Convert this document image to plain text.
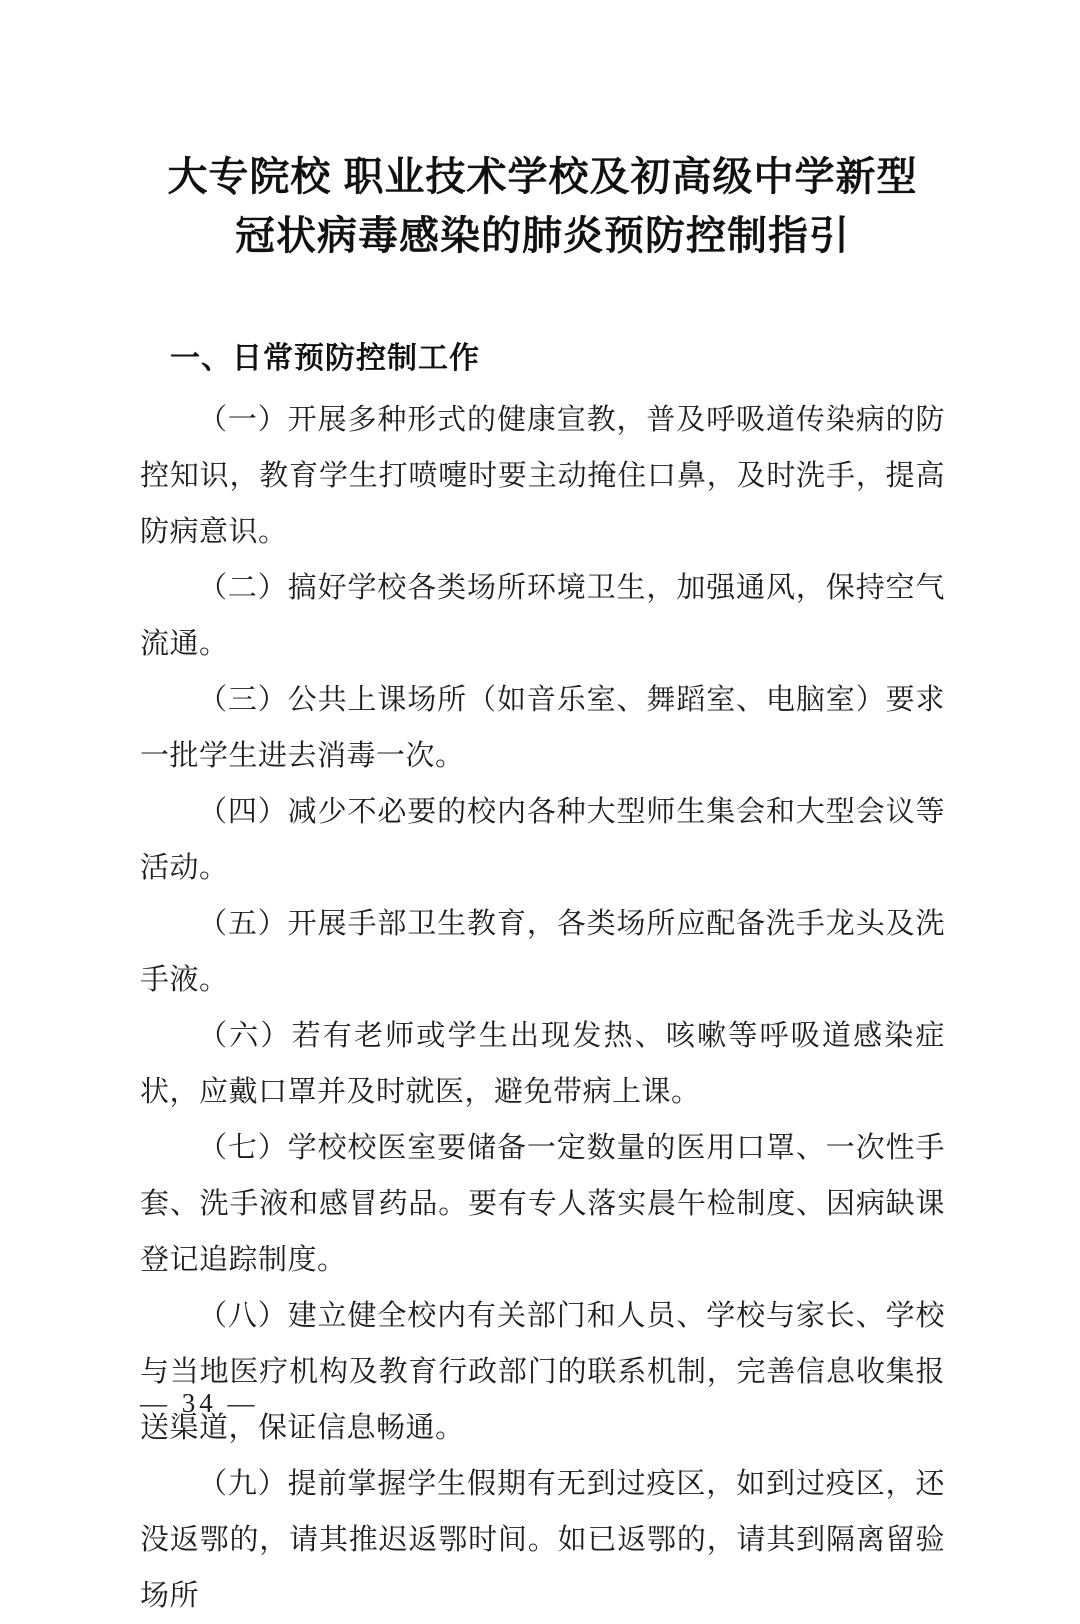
大专院校 职业技术学校及初高级中学新型
冠状病毒感染的肺炎预防控制指引
一、日常预防控制工作

（一）开展多种形式的健康宣教，普及呼吸道传染病的防控知识，教育学生打喷嚏时要主动掩住口鼻，及时洗手，提高防病意识。

（二）搞好学校各类场所环境卫生，加强通风，保持空气流通。

（三）公共上课场所（如音乐室、舞蹈室、电脑室）要求一批学生进去消毒一次。

（四）减少不必要的校内各种大型师生集会和大型会议等活动。

（五）开展手部卫生教育，各类场所应配备洗手龙头及洗手液。

（六）若有老师或学生出现发热、咳嗽等呼吸道感染症状，应戴口罩并及时就医，避免带病上课。

（七）学校校医室要储备一定数量的医用口罩、一次性手套、洗手液和感冒药品。要有专人落实晨午检制度、因病缺课登记追踪制度。

（八）建立健全校内有关部门和人员、学校与家长、学校与当地医疗机构及教育行政部门的联系机制，完善信息收集报送渠道，保证信息畅通。

（九）提前掌握学生假期有无到过疫区，如到过疫区，还没返鄂的，请其推迟返鄂时间。如已返鄂的，请其到隔离留验场所

— 34 —
